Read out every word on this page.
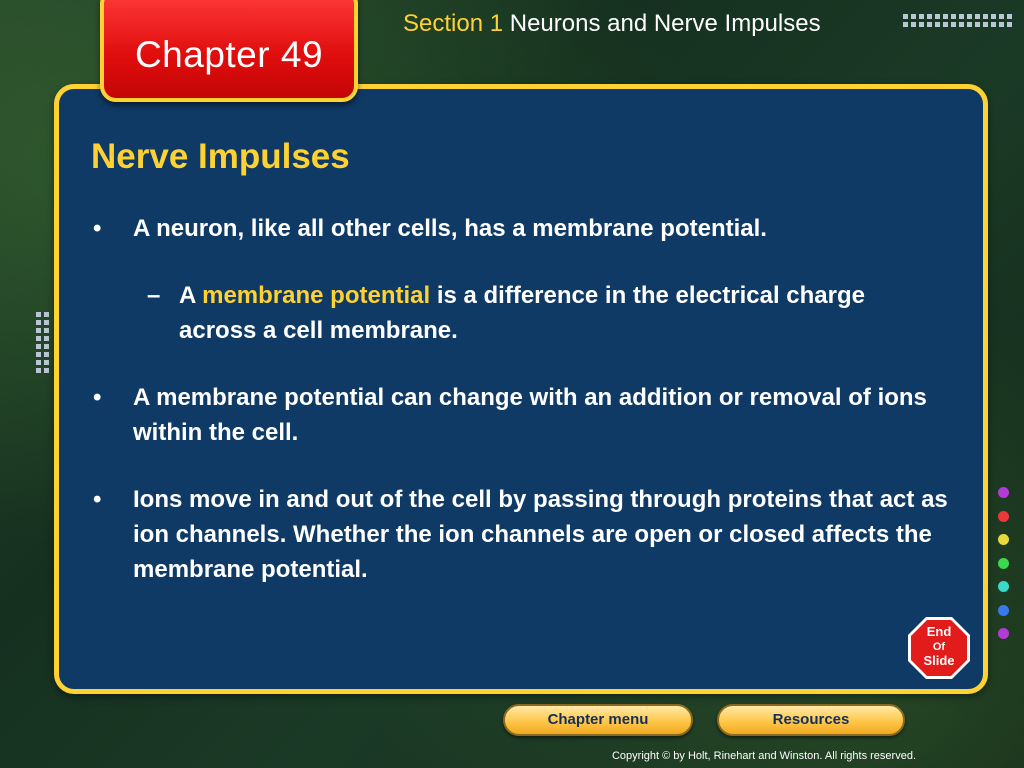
Chapter 49
Section 1 Neurons and Nerve Impulses
Nerve Impulses
• A neuron, like all other cells, has a membrane potential.
– A membrane potential is a difference in the electrical charge across a cell membrane.
• A membrane potential can change with an addition or removal of ions within the cell.
• Ions move in and out of the cell by passing through proteins that act as ion channels. Whether the ion channels are open or closed affects the membrane potential.
End
Of
Slide
Chapter menu	Resources
Copyright © by Holt, Rinehart and Winston. All rights reserved.
